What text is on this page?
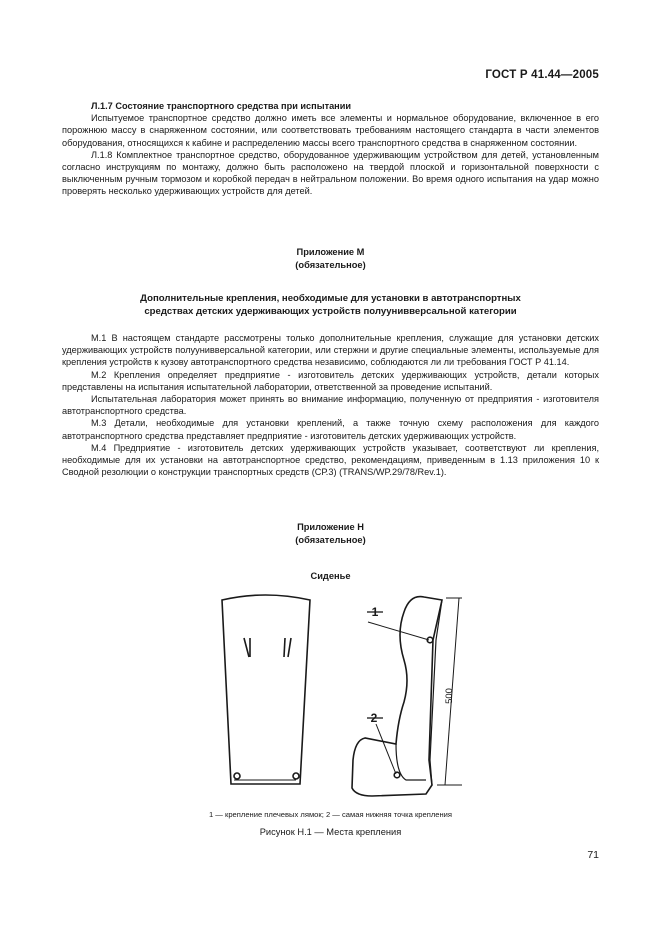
ГОСТ Р 41.44—2005

Л.1.7 Состояние транспортного средства при испытании

Испытуемое транспортное средство должно иметь все элементы и нормальное оборудование, включенное в его порожнюю массу в снаряженном состоянии, или соответствовать требованиям настоящего стандарта в части элементов оборудования, относящихся к кабине и распределению массы всего транспортного средства в снаряженном состоянии.

Л.1.8 Комплектное транспортное средство, оборудованное удерживающим устройством для детей, установленным согласно инструкциям по монтажу, должно быть расположено на твердой плоской и горизонтальной поверхности с выключенным ручным тормозом и коробкой передач в нейтральном положении. Во время одного испытания на удар можно проверять несколько удерживающих устройств для детей.

Приложение М
(обязательное)
Дополнительные крепления, необходимые для установки в автотранспортных
средствах детских удерживающих устройств полуунивверсальной категории

М.1 В настоящем стандарте рассмотрены только дополнительные крепления, служащие для установки детских удерживающих устройств полуунивверсальной категории, или стержни и другие специальные элементы, используемые для крепления устройств к кузову автотранспортного средства независимо, соблюдаются ли ли требования ГОСТ Р 41.14.

М.2 Крепления определяет предприятие - изготовитель детских удерживающих устройств, детали которых представлены на испытания испытательной лаборатории, ответственной за проведение испытаний.

Испытательная лаборатория может принять во внимание информацию, полученную от предприятия - изготовителя автотранспортного средства.

М.3 Детали, необходимые для установки креплений, а также точную схему расположения для каждого автотранспортного средства представляет предприятие - изготовитель детских удерживающих устройств.

М.4 Предприятие - изготовитель детских удерживающих устройств указывает, соответствуют ли крепления, необходимые для их установки на автотранспортное средство, рекомендациям, приведенным в 1.13 приложения 10 к Сводной резолюции о конструкции транспортных средств (СР.3) (TRANS/WP.29/78/Rev.1).

Приложение Н
(обязательное)
Сиденье
1
2
500
1 — крепление плечевых лямок; 2 — самая нижняя точка крепления
Рисунок Н.1 — Места крепления
71
